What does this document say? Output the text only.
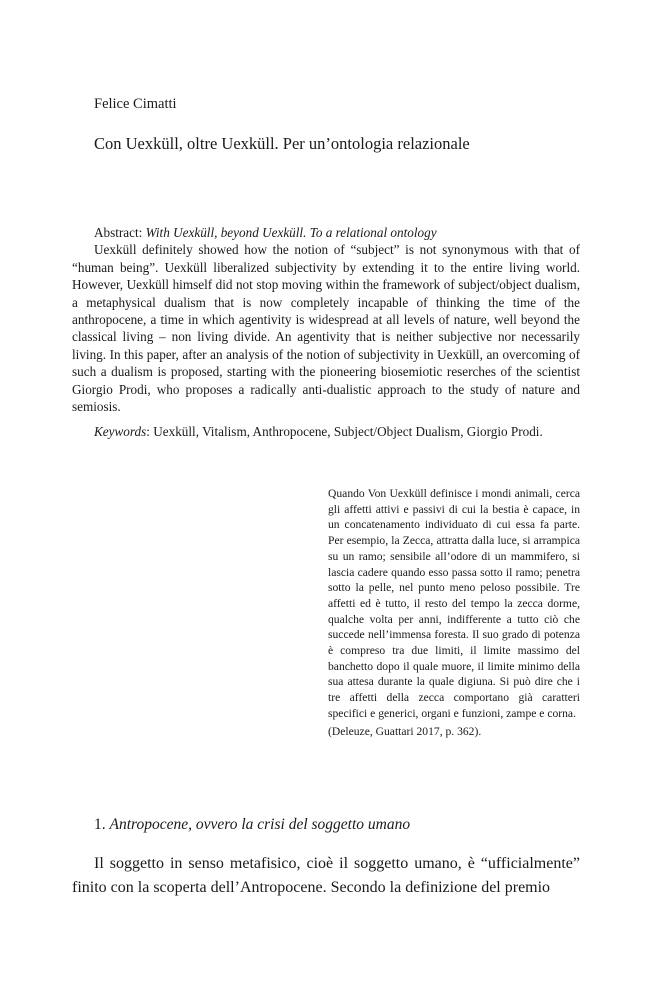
Felice Cimatti

Con Uexküll, oltre Uexküll. Per un’ontologia relazionale

Abstract: With Uexküll, beyond Uexküll. To a relational ontology

Uexküll definitely showed how the notion of “subject” is not synonymous with that of “human being”. Uexküll liberalized subjectivity by extending it to the entire living world. However, Uexküll himself did not stop moving within the framework of subject/object dualism, a metaphysical dualism that is now completely incapable of thinking the time of the anthropocene, a time in which agentivity is widespread at all levels of nature, well beyond the classical living – non living divide. An agentivity that is neither subjective nor necessarily living. In this paper, after an analysis of the notion of subjectivity in Uexküll, an overcoming of such a dualism is proposed, starting with the pioneering biosemiotic reserches of the scientist Giorgio Prodi, who proposes a radically anti-dualistic approach to the study of nature and semiosis.

Keywords: Uexküll, Vitalism, Anthropocene, Subject/Object Dualism, Giorgio Prodi.

Quando Von Uexküll definisce i mondi animali, cerca gli affetti attivi e passivi di cui la bestia è capace, in un concatenamento individuato di cui essa fa parte. Per esempio, la Zecca, attratta dalla luce, si arrampica su un ramo; sensibile all’odore di un mammifero, si lascia cadere quando esso passa sotto il ramo; penetra sotto la pelle, nel punto meno peloso possibile. Tre affetti ed è tutto, il resto del tempo la zecca dorme, qualche volta per anni, indifferente a tutto ciò che succede nell’immensa foresta. Il suo grado di potenza è compreso tra due limiti, il limite massimo del banchetto dopo il quale muore, il limite minimo della sua attesa durante la quale digiuna. Si può dire che i tre affetti della zecca comportano già caratteri specifici e generici, organi e funzioni, zampe e corna.

(Deleuze, Guattari 2017, p. 362).

1. Antropocene, ovvero la crisi del soggetto umano

Il soggetto in senso metafisico, cioè il soggetto umano, è “ufficialmente” finito con la scoperta dell’Antropocene. Secondo la definizione del premio
